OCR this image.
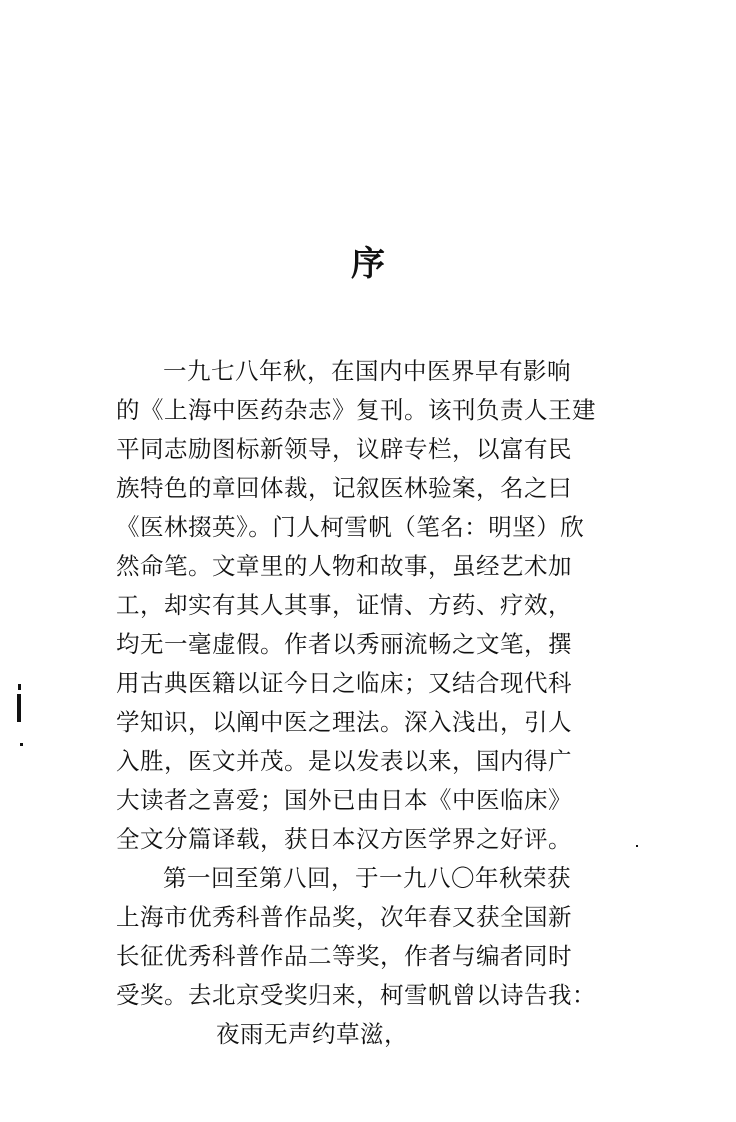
序
一九七八年秋，在国内中医界早有影响
的《上海中医药杂志》复刊。该刊负责人王建
平同志励图标新领导，议辟专栏，以富有民
族特色的章回体裁，记叙医林验案，名之曰
《医林掇英》。门人柯雪帆（笔名：明坚）欣
然命笔。文章里的人物和故事，虽经艺术加
工，却实有其人其事，证情、方药、疗效，
均无一毫虚假。作者以秀丽流畅之文笔，撰
用古典医籍以证今日之临床；又结合现代科
学知识，以阐中医之理法。深入浅出，引人
入胜，医文并茂。是以发表以来，国内得广
大读者之喜爱；国外已由日本《中医临床》
全文分篇译载，获日本汉方医学界之好评。
第一回至第八回，于一九八〇年秋荣获
上海市优秀科普作品奖，次年春又获全国新
长征优秀科普作品二等奖，作者与编者同时
受奖。去北京受奖归来，柯雪帆曾以诗告我：
夜雨无声约草滋，
